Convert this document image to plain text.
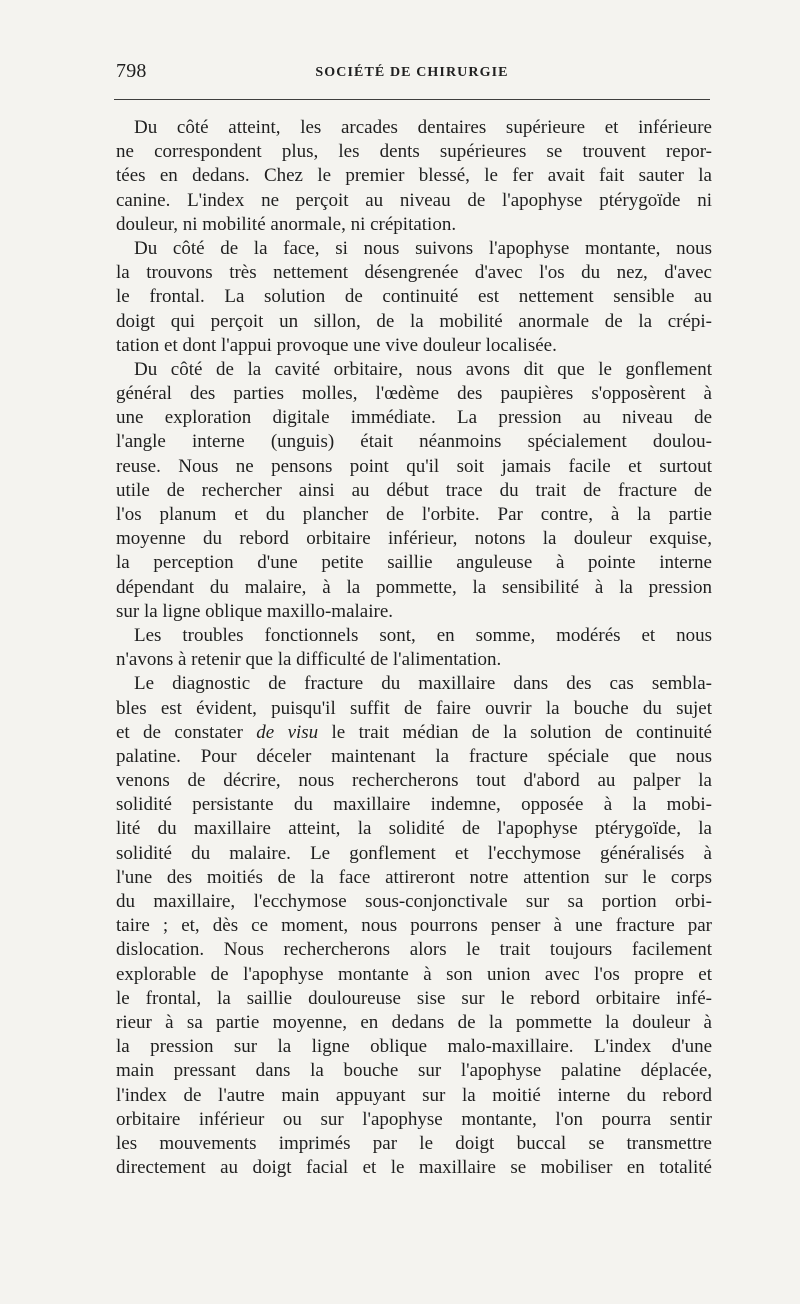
798	SOCIÉTÉ DE CHIRURGIE

Du côté atteint, les arcades dentaires supérieure et inférieure
ne correspondent plus, les dents supérieures se trouvent repor-
tées en dedans. Chez le premier blessé, le fer avait fait sauter la
canine. L'index ne perçoit au niveau de l'apophyse ptérygoïde ni
douleur, ni mobilité anormale, ni crépitation.

Du côté de la face, si nous suivons l'apophyse montante, nous
la trouvons très nettement désengrenée d'avec l'os du nez, d'avec
le frontal. La solution de continuité est nettement sensible au
doigt qui perçoit un sillon, de la mobilité anormale de la crépi-
tation et dont l'appui provoque une vive douleur localisée.

Du côté de la cavité orbitaire, nous avons dit que le gonflement
général des parties molles, l'œdème des paupières s'opposèrent à
une exploration digitale immédiate. La pression au niveau de
l'angle interne (unguis) était néanmoins spécialement doulou-
reuse. Nous ne pensons point qu'il soit jamais facile et surtout
utile de rechercher ainsi au début trace du trait de fracture de
l'os planum et du plancher de l'orbite. Par contre, à la partie
moyenne du rebord orbitaire inférieur, notons la douleur exquise,
la perception d'une petite saillie anguleuse à pointe interne
dépendant du malaire, à la pommette, la sensibilité à la pression
sur la ligne oblique maxillo-malaire.

Les troubles fonctionnels sont, en somme, modérés et nous
n'avons à retenir que la difficulté de l'alimentation.

Le diagnostic de fracture du maxillaire dans des cas sembla-
bles est évident, puisqu'il suffit de faire ouvrir la bouche du sujet
et de constater de visu le trait médian de la solution de continuité
palatine. Pour déceler maintenant la fracture spéciale que nous
venons de décrire, nous rechercherons tout d'abord au palper la
solidité persistante du maxillaire indemne, opposée à la mobi-
lité du maxillaire atteint, la solidité de l'apophyse ptérygoïde, la
solidité du malaire. Le gonflement et l'ecchymose généralisés à
l'une des moitiés de la face attireront notre attention sur le corps
du maxillaire, l'ecchymose sous-conjonctivale sur sa portion orbi-
taire ; et, dès ce moment, nous pourrons penser à une fracture par
dislocation. Nous rechercherons alors le trait toujours facilement
explorable de l'apophyse montante à son union avec l'os propre et
le frontal, la saillie douloureuse sise sur le rebord orbitaire infé-
rieur à sa partie moyenne, en dedans de la pommette la douleur à
la pression sur la ligne oblique malo-maxillaire. L'index d'une
main pressant dans la bouche sur l'apophyse palatine déplacée,
l'index de l'autre main appuyant sur la moitié interne du rebord
orbitaire inférieur ou sur l'apophyse montante, l'on pourra sentir
les mouvements imprimés par le doigt buccal se transmettre
directement au doigt facial et le maxillaire se mobiliser en totalité
